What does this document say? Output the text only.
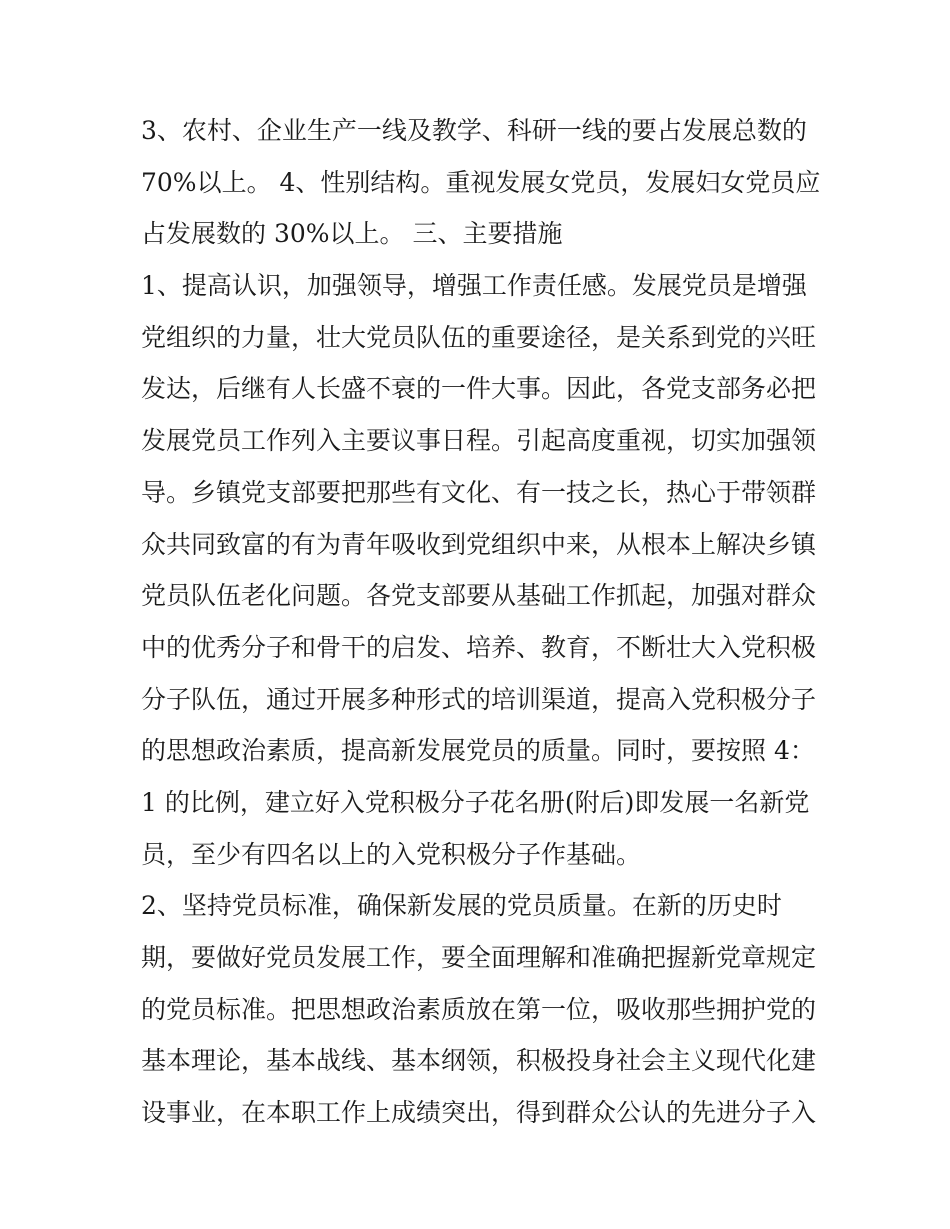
3、农村、企业生产一线及教学、科研一线的要占发展总数的
70%以上。 4、性别结构。重视发展女党员，发展妇女党员应
占发展数的 30%以上。 三、主要措施
1、提高认识，加强领导，增强工作责任感。发展党员是增强
党组织的力量，壮大党员队伍的重要途径，是关系到党的兴旺
发达，后继有人长盛不衰的一件大事。因此，各党支部务必把
发展党员工作列入主要议事日程。引起高度重视，切实加强领
导。乡镇党支部要把那些有文化、有一技之长，热心于带领群
众共同致富的有为青年吸收到党组织中来，从根本上解决乡镇
党员队伍老化问题。各党支部要从基础工作抓起，加强对群众
中的优秀分子和骨干的启发、培养、教育，不断壮大入党积极
分子队伍，通过开展多种形式的培训渠道，提高入党积极分子
的思想政治素质，提高新发展党员的质量。同时，要按照 4：
1 的比例，建立好入党积极分子花名册(附后)即发展一名新党
员，至少有四名以上的入党积极分子作基础。
2、坚持党员标准，确保新发展的党员质量。在新的历史时
期，要做好党员发展工作，要全面理解和准确把握新党章规定
的党员标准。把思想政治素质放在第一位，吸收那些拥护党的
基本理论，基本战线、基本纲领，积极投身社会主义现代化建
设事业，在本职工作上成绩突出，得到群众公认的先进分子入
